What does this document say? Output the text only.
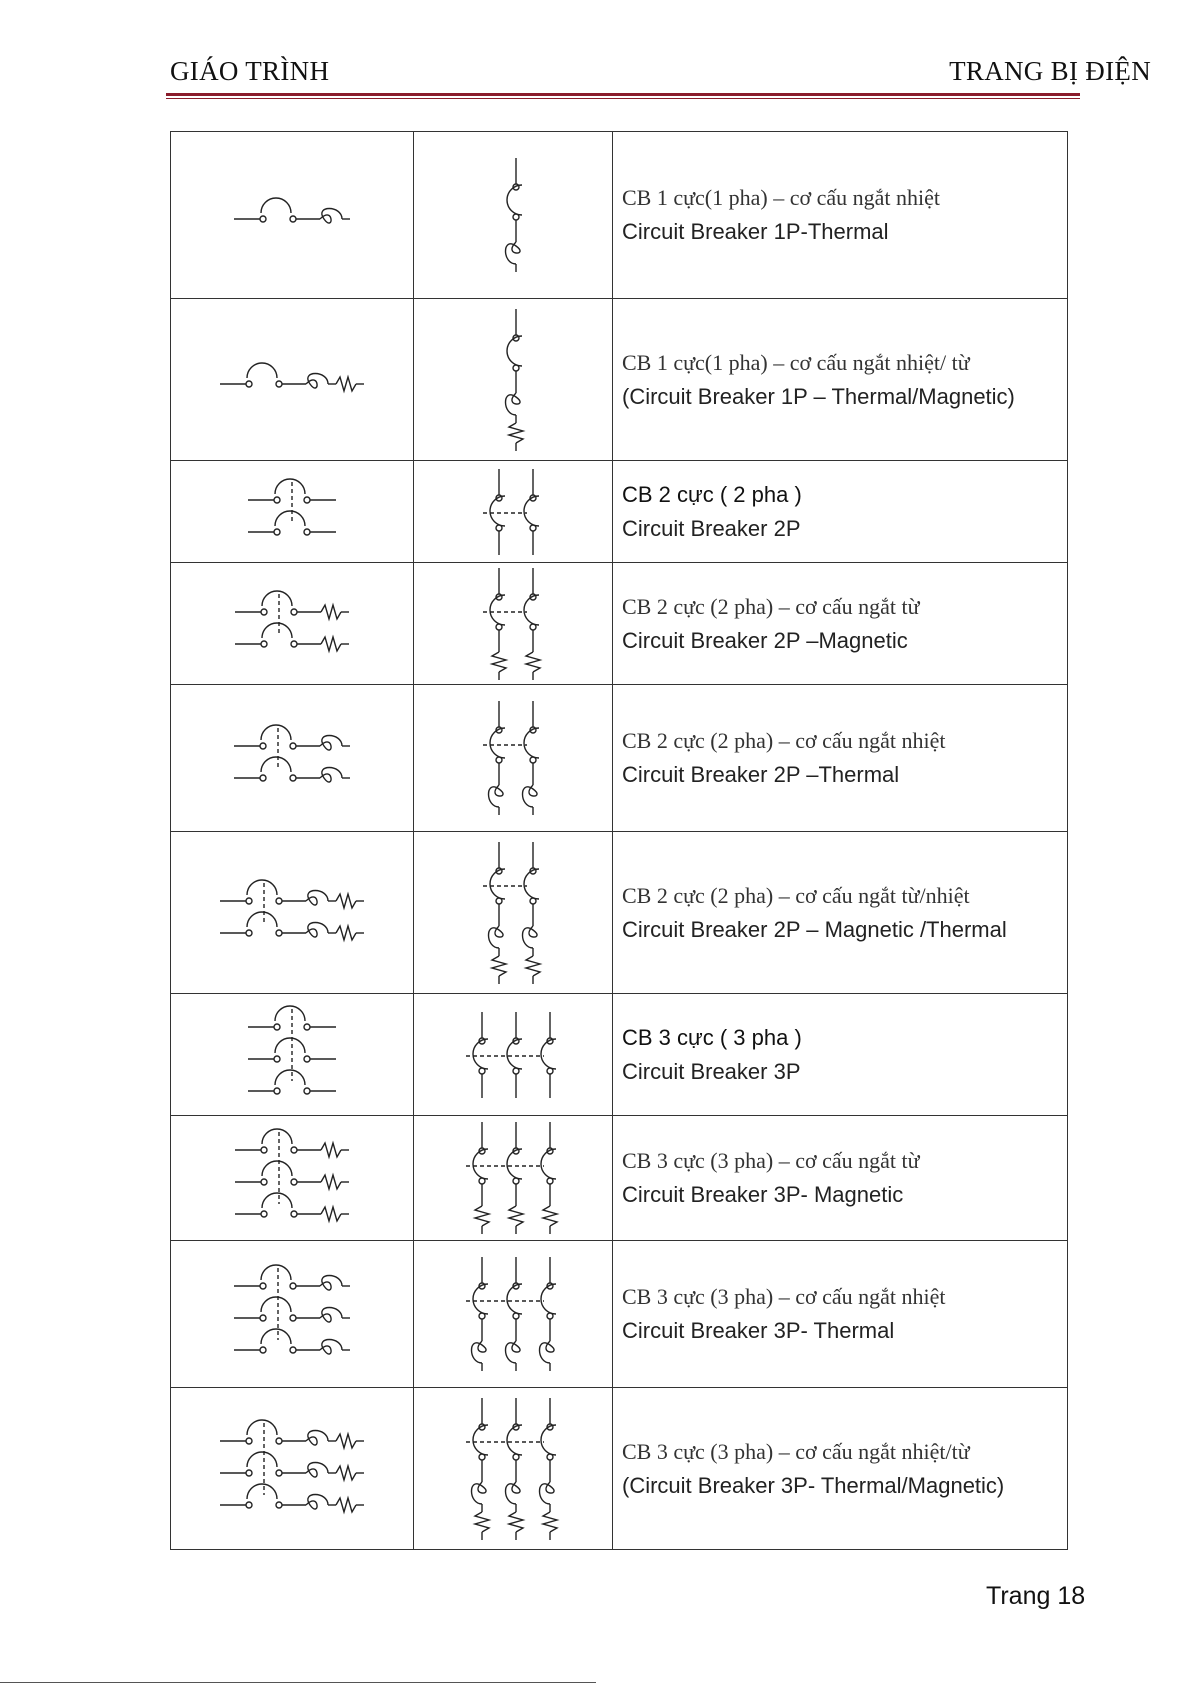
GIÁO TRÌNH	TRANG BỊ ĐIỆN

CB 1 cực(1 pha) – cơ cấu ngắt nhiệt
Circuit Breaker 1P-Thermal

CB 1 cực(1 pha) – cơ cấu ngắt nhiệt/ từ
(Circuit Breaker 1P – Thermal/Magnetic)

CB 2 cực ( 2 pha )
Circuit Breaker 2P

CB 2 cực (2 pha) – cơ cấu ngắt từ
Circuit Breaker 2P –Magnetic

CB 2 cực (2 pha) – cơ cấu ngắt nhiệt
Circuit Breaker 2P –Thermal

CB 2 cực (2 pha) – cơ cấu ngắt từ/nhiệt
Circuit Breaker 2P – Magnetic /Thermal

CB 3 cực ( 3 pha )
Circuit Breaker 3P

CB 3 cực (3 pha) – cơ cấu ngắt từ
Circuit Breaker 3P- Magnetic

CB 3 cực (3 pha) – cơ cấu ngắt nhiệt
Circuit Breaker 3P- Thermal

CB 3 cực (3 pha) – cơ cấu ngắt nhiệt/từ
(Circuit Breaker 3P- Thermal/Magnetic)
Trang 18
